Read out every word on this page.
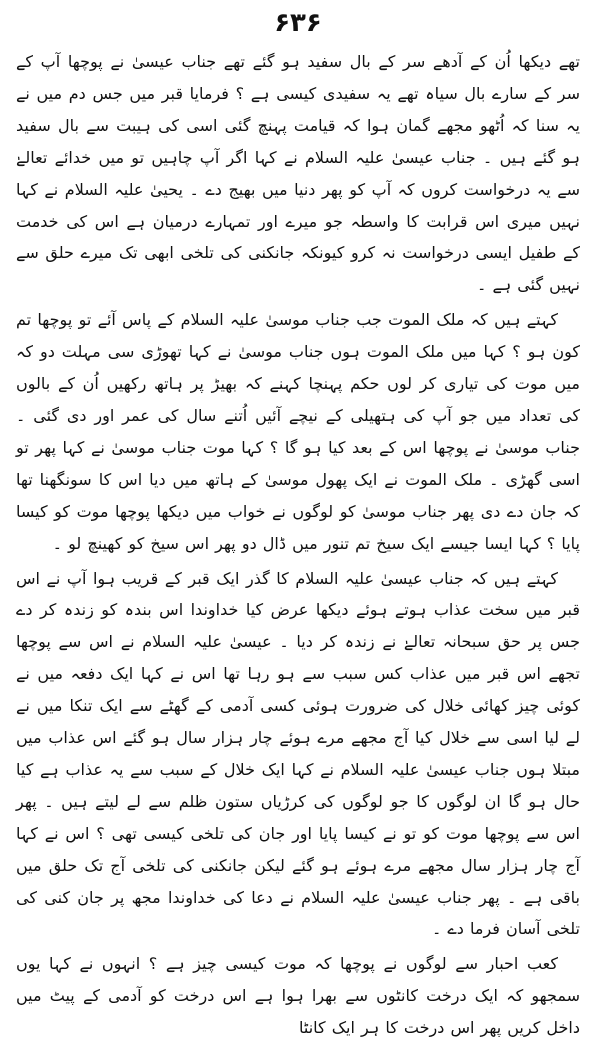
۶۳۶

تھے دیکھا اُن کے آدھے سر کے بال سفید ہو گئے تھے جناب عیسیٰ نے پوچھا آپ کے سر کے سارے بال سیاہ تھے یہ سفیدی کیسی ہے ؟ فرمایا قبر میں جس دم میں نے یہ سنا کہ اُٹھو مجھے گمان ہوا کہ قیامت پہنچ گئی اسی کی ہیبت سے بال سفید ہو گئے ہیں ۔ جناب عیسیٰ علیہ السلام نے کہا اگر آپ چاہیں تو میں خدائے تعالےٰ سے یہ درخواست کروں کہ آپ کو پھر دنیا میں بھیج دے ۔ یحییٰ علیہ السلام نے کہا نہیں میری اس قرابت کا واسطہ جو میرے اور تمہارے درمیان ہے اس کی خدمت کے طفیل ایسی درخواست نہ کرو کیونکہ جانکنی کی تلخی ابھی تک میرے حلق سے نہیں گئی ہے ۔

کہتے ہیں کہ ملک الموت جب جناب موسیٰ علیہ السلام کے پاس آئے تو پوچھا تم کون ہو ؟ کہا میں ملک الموت ہوں جناب موسیٰ نے کہا تھوڑی سی مہلت دو کہ میں موت کی تیاری کر لوں حکم پہنچا کہنے کہ بھیڑ پر ہاتھ رکھیں اُن کے بالوں کی تعداد میں جو آپ کی ہتھیلی کے نیچے آئیں اُتنے سال کی عمر اور دی گئی ۔ جناب موسیٰ نے پوچھا اس کے بعد کیا ہو گا ؟ کہا موت جناب موسیٰ نے کہا پھر تو اسی گھڑی ۔ ملک الموت نے ایک پھول موسیٰ کے ہاتھ میں دیا اس کا سونگھنا تھا کہ جان دے دی پھر جناب موسیٰ کو لوگوں نے خواب میں دیکھا پوچھا موت کو کیسا پایا ؟ کہا ایسا جیسے ایک سیخ تم تنور میں ڈال دو پھر اس سیخ کو کھینچ لو ۔

کہتے ہیں کہ جناب عیسیٰ علیہ السلام کا گذر ایک قبر کے قریب ہوا آپ نے اس قبر میں سخت عذاب ہوتے ہوئے دیکھا عرض کیا خداوندا اس بندہ کو زندہ کر دے جس پر حق سبحانہ تعالےٰ نے زندہ کر دیا ۔ عیسیٰ علیہ السلام نے اس سے پوچھا تجھے اس قبر میں عذاب کس سبب سے ہو رہا تھا اس نے کہا ایک دفعہ میں نے کوئی چیز کھائی خلال کی ضرورت ہوئی کسی آدمی کے گھٹے سے ایک تنکا میں نے لے لیا اسی سے خلال کیا آج مجھے مرے ہوئے چار ہزار سال ہو گئے اس عذاب میں مبتلا ہوں جناب عیسیٰ علیہ السلام نے کہا ایک خلال کے سبب سے یہ عذاب ہے کیا حال ہو گا ان لوگوں کا جو لوگوں کی کرڑیاں ستون ظلم سے لے لیتے ہیں ۔ پھر اس سے پوچھا موت کو تو نے کیسا پایا اور جان کی تلخی کیسی تھی ؟ اس نے کہا آج چار ہزار سال مجھے مرے ہوئے ہو گئے لیکن جانکنی کی تلخی آج تک حلق میں باقی ہے ۔ پھر جناب عیسیٰ علیہ السلام نے دعا کی خداوندا مجھ پر جان کنی کی تلخی آسان فرما دے ۔

کعب احبار سے لوگوں نے پوچھا کہ موت کیسی چیز ہے ؟ انہوں نے کہا یوں سمجھو کہ ایک درخت کانٹوں سے بھرا ہوا ہے اس درخت کو آدمی کے پیٹ میں داخل کریں پھر اس درخت کا ہر ایک کانٹا
